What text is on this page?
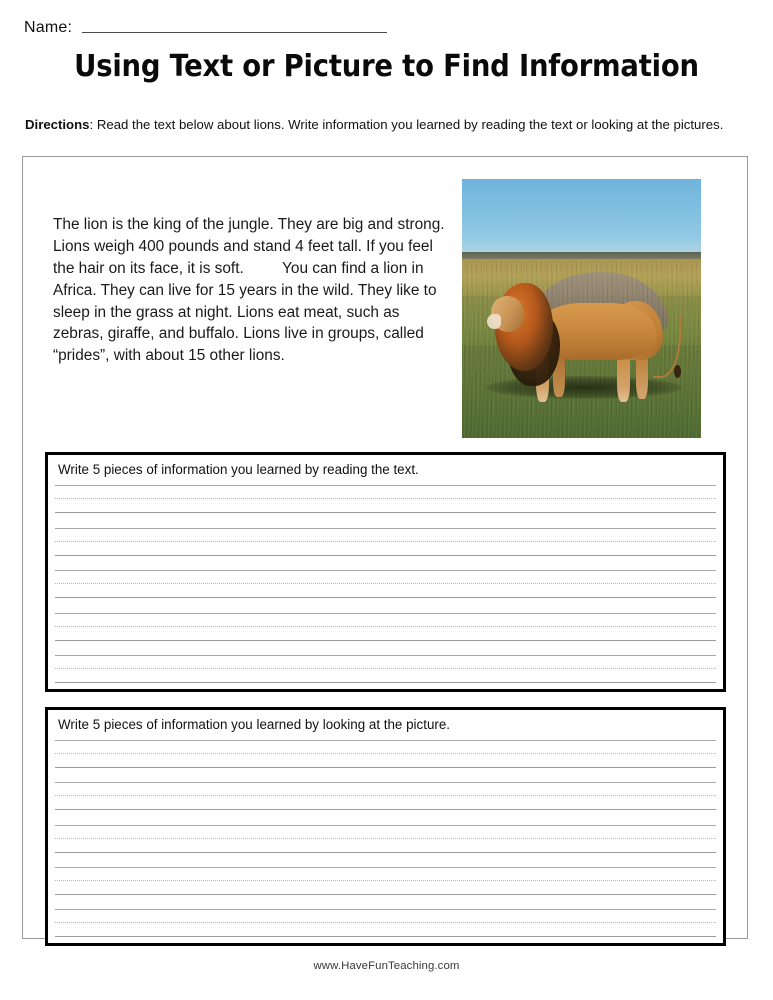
Name:
Using Text or Picture to Find Information
Directions: Read the text below about lions. Write information you learned by reading the text or looking at the pictures.
The lion is the king of the jungle. They are big and strong. Lions weigh 400 pounds and stand 4 feet tall. If you feel the hair on its face, it is soft. You can find a lion in Africa. They can live for 15 years in the wild. They like to sleep in the grass at night. Lions eat meat, such as zebras, giraffe, and buffalo. Lions live in groups, called “prides”, with about 15 other lions.
Write 5 pieces of information you learned by reading the text.
Write 5 pieces of information you learned by looking at the picture.
www.HaveFunTeaching.com
